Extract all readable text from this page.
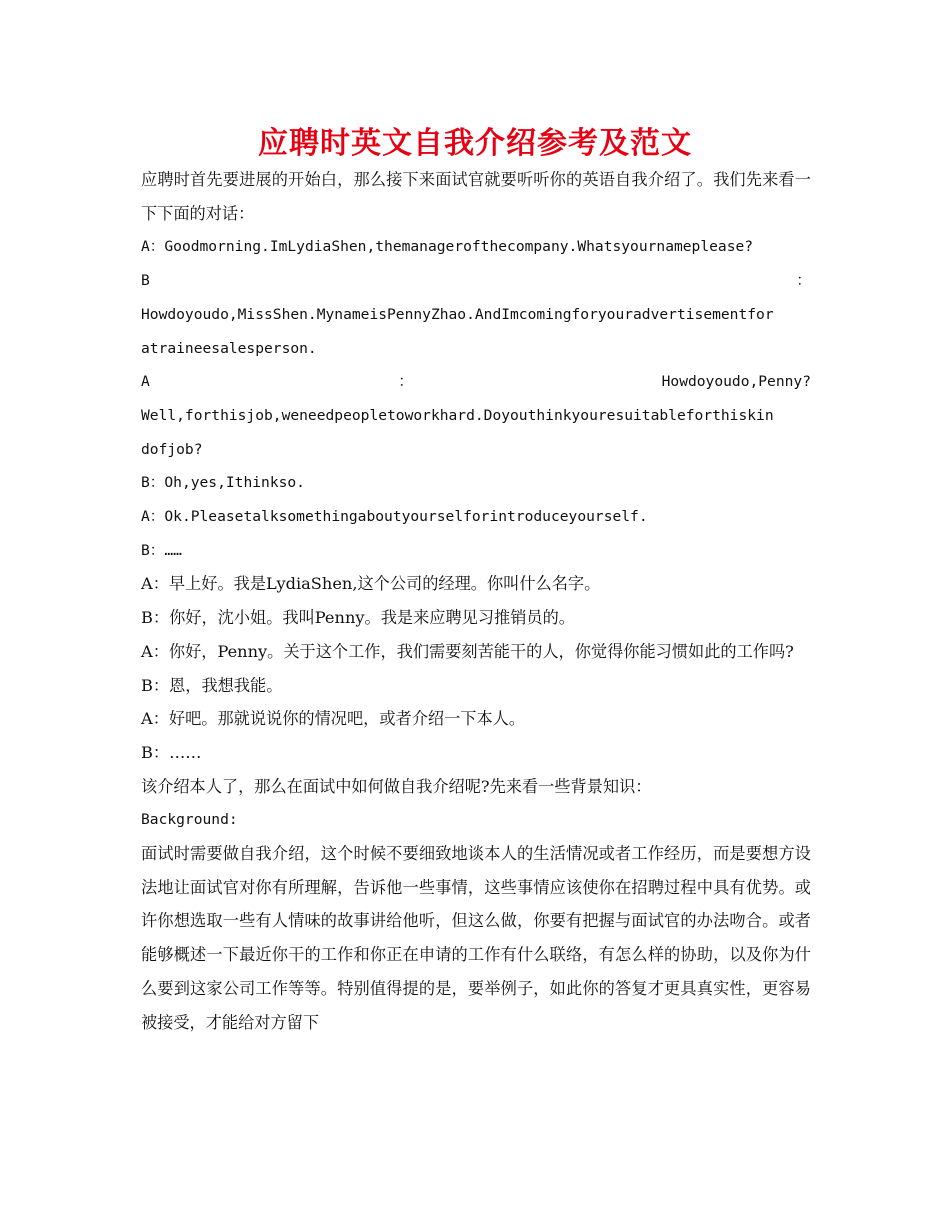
应聘时英文自我介绍参考及范文

应聘时首先要进展的开始白，那么接下来面试官就要听听你的英语自我介绍了。我们先来看一下下面的对话：

A：Goodmorning.ImLydiaShen,themanagerofthecompany.Whatsyournameplease?
B	：
Howdoyoudo,MissShen.MynameisPennyZhao.AndImcomingforyouradvertisementfor
atraineesalesperson.
A	：	Howdoyoudo,Penny?
Well,forthisjob,weneedpeopletoworkhard.Doyouthinkyouresuitableforthiskin
dofjob?
B：Oh,yes,Ithinkso.
A：Ok.Pleasetalksomethingaboutyourselforintroduceyourself.
B：……
A：早上好。我是LydiaShen,这个公司的经理。你叫什么名字。
B：你好，沈小姐。我叫Penny。我是来应聘见习推销员的。

A：你好，Penny。关于这个工作，我们需要刻苦能干的人，你觉得你能习惯如此的工作吗?

B：恩，我想我能。
A：好吧。那就说说你的情况吧，或者介绍一下本人。
B：……
该介绍本人了，那么在面试中如何做自我介绍呢?先来看一些背景知识：
Background:

面试时需要做自我介绍，这个时候不要细致地谈本人的生活情况或者工作经历，而是要想方设法地让面试官对你有所理解，告诉他一些事情，这些事情应该使你在招聘过程中具有优势。或许你想选取一些有人情味的故事讲给他听，但这么做，你要有把握与面试官的办法吻合。或者能够概述一下最近你干的工作和你正在申请的工作有什么联络，有怎么样的协助，以及你为什么要到这家公司工作等等。特别值得提的是，要举例子，如此你的答复才更具真实性，更容易被接受，才能给对方留下
